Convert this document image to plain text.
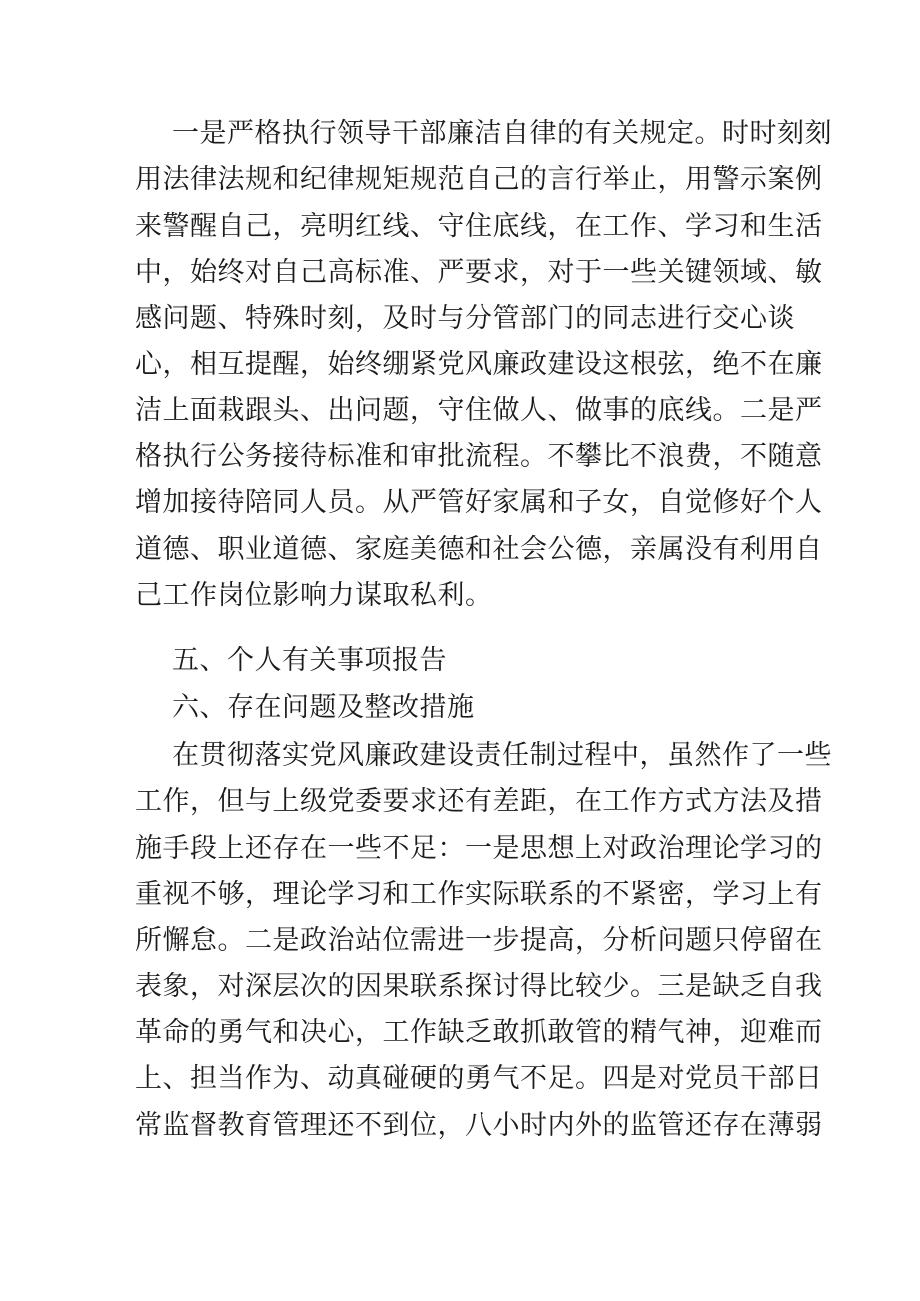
一是严格执行领导干部廉洁自律的有关规定。时时刻刻
用法律法规和纪律规矩规范自己的言行举止，用警示案例
来警醒自己，亮明红线、守住底线，在工作、学习和生活
中，始终对自己高标准、严要求，对于一些关键领域、敏
感问题、特殊时刻，及时与分管部门的同志进行交心谈
心，相互提醒，始终绷紧党风廉政建设这根弦，绝不在廉
洁上面栽跟头、出问题，守住做人、做事的底线。二是严
格执行公务接待标准和审批流程。不攀比不浪费，不随意
增加接待陪同人员。从严管好家属和子女，自觉修好个人
道德、职业道德、家庭美德和社会公德，亲属没有利用自
己工作岗位影响力谋取私利。
五、个人有关事项报告
六、存在问题及整改措施
在贯彻落实党风廉政建设责任制过程中，虽然作了一些
工作，但与上级党委要求还有差距，在工作方式方法及措
施手段上还存在一些不足：一是思想上对政治理论学习的
重视不够，理论学习和工作实际联系的不紧密，学习上有
所懈怠。二是政治站位需进一步提高，分析问题只停留在
表象，对深层次的因果联系探讨得比较少。三是缺乏自我
革命的勇气和决心，工作缺乏敢抓敢管的精气神，迎难而
上、担当作为、动真碰硬的勇气不足。四是对党员干部日
常监督教育管理还不到位，八小时内外的监管还存在薄弱
